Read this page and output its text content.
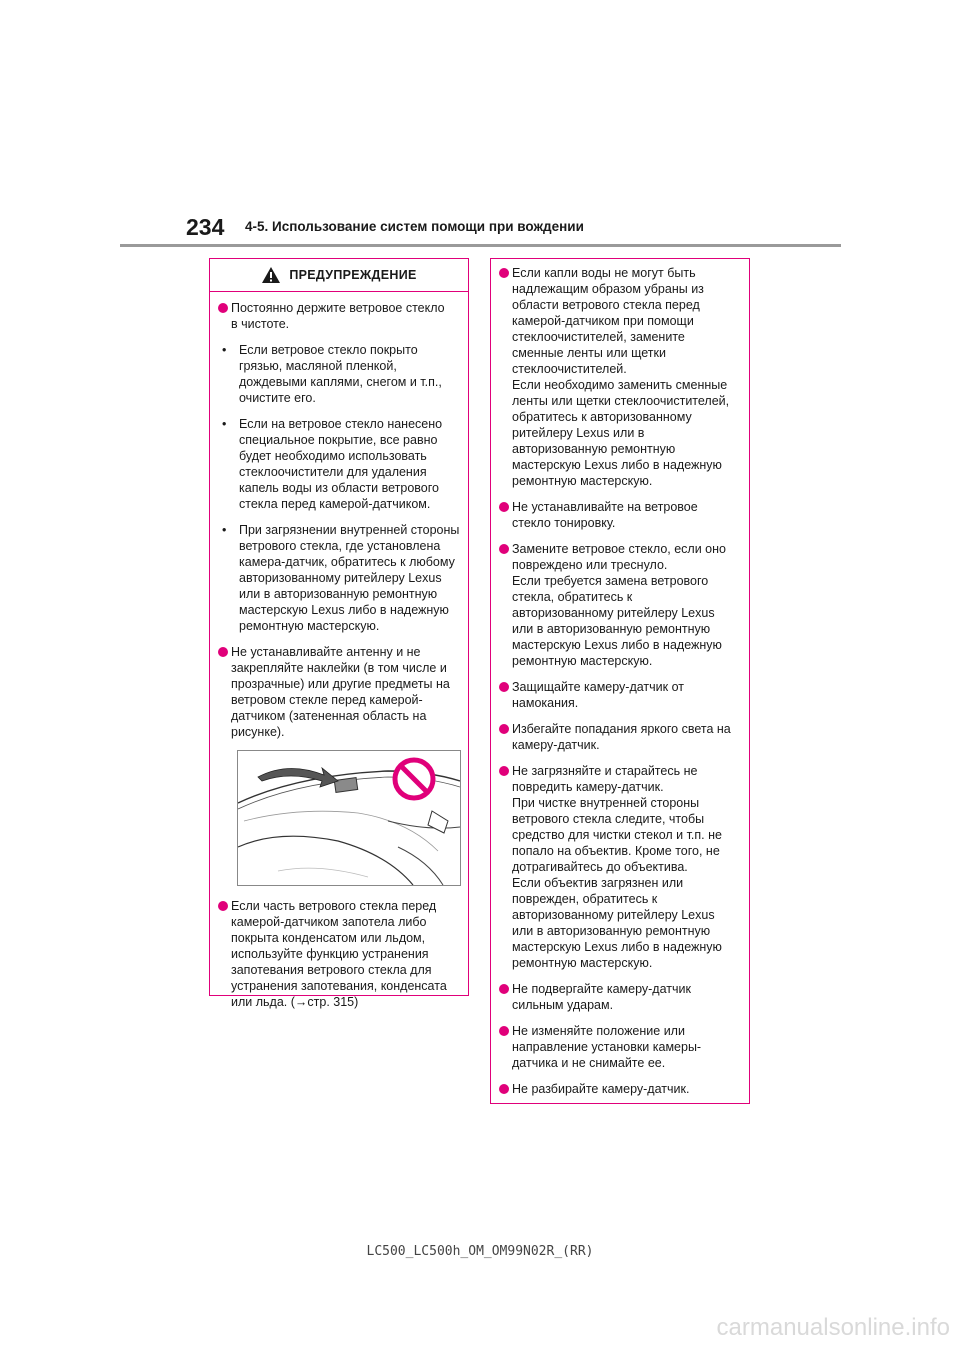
234 4-5. Использование систем помощи при вождении
ПРЕДУПРЕЖДЕНИЕ
Постоянно держите ветровое стекло
в чистоте.
• Если ветровое стекло покрыто
грязью, масляной пленкой,
дождевыми каплями, снегом и т.п.,
очистите его.
• Если на ветровое стекло нанесено
специальное покрытие, все равно
будет необходимо использовать
стеклоочистители для удаления
капель воды из области ветрового
стекла перед камерой-датчиком.
• При загрязнении внутренней стороны
ветрового стекла, где установлена
камера-датчик, обратитесь к любому
авторизованному ритейлеру Lexus
или в авторизованную ремонтную
мастерскую Lexus либо в надежную
ремонтную мастерскую.
Не устанавливайте антенну и не
закрепляйте наклейки (в том числе и
прозрачные) или другие предметы на
ветровом стекле перед камерой-
датчиком (затененная область на
рисунке).
Если часть ветрового стекла перед
камерой-датчиком запотела либо
покрыта конденсатом или льдом,
используйте функцию устранения
запотевания ветрового стекла для
устранения запотевания, конденсата
или льда. (→стр. 315)
Если капли воды не могут быть
надлежащим образом убраны из
области ветрового стекла перед
камерой-датчиком при помощи
стеклоочистителей, замените
сменные ленты или щетки
стеклоочистителей.
Если необходимо заменить сменные
ленты или щетки стеклоочистителей,
обратитесь к авторизованному
ритейлеру Lexus или в
авторизованную ремонтную
мастерскую Lexus либо в надежную
ремонтную мастерскую.
Не устанавливайте на ветровое
стекло тонировку.
Замените ветровое стекло, если оно
повреждено или треснуло.
Если требуется замена ветрового
стекла, обратитесь к
авторизованному ритейлеру Lexus
или в авторизованную ремонтную
мастерскую Lexus либо в надежную
ремонтную мастерскую.
Защищайте камеру-датчик от
намокания.
Избегайте попадания яркого света на
камеру-датчик.
Не загрязняйте и старайтесь не
повредить камеру-датчик.
При чистке внутренней стороны
ветрового стекла следите, чтобы
средство для чистки стекол и т.п. не
попало на объектив. Кроме того, не
дотрагивайтесь до объектива.
Если объектив загрязнен или
поврежден, обратитесь к
авторизованному ритейлеру Lexus
или в авторизованную ремонтную
мастерскую Lexus либо в надежную
ремонтную мастерскую.
Не подвергайте камеру-датчик
сильным ударам.
Не изменяйте положение или
направление установки камеры-
датчика и не снимайте ее.
Не разбирайте камеру-датчик.
LC500_LC500h_OM_OM99N02R_(RR)
carmanualsonline.info
